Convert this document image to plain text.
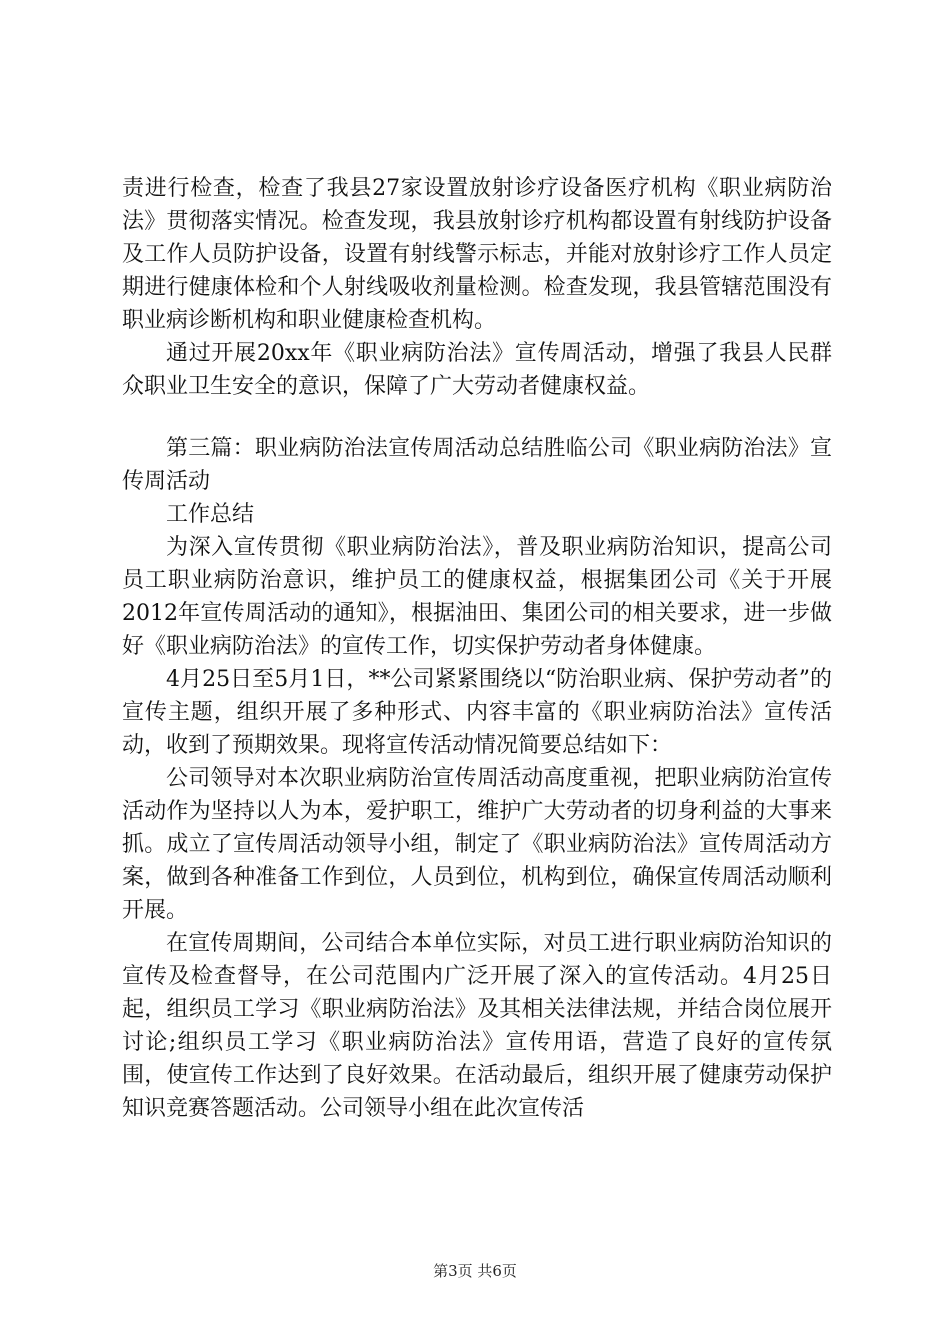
责进行检查，检查了我县27家设置放射诊疗设备医疗机构《职业病防治法》贯彻落实情况。检查发现，我县放射诊疗机构都设置有射线防护设备及工作人员防护设备，设置有射线警示标志，并能对放射诊疗工作人员定期进行健康体检和个人射线吸收剂量检测。检查发现，我县管辖范围没有职业病诊断机构和职业健康检查机构。

通过开展20xx年《职业病防治法》宣传周活动，增强了我县人民群众职业卫生安全的意识，保障了广大劳动者健康权益。

第三篇：职业病防治法宣传周活动总结胜临公司《职业病防治法》宣传周活动

工作总结

为深入宣传贯彻《职业病防治法》，普及职业病防治知识，提高公司员工职业病防治意识，维护员工的健康权益，根据集团公司《关于开展2012年宣传周活动的通知》，根据油田、集团公司的相关要求，进一步做好《职业病防治法》的宣传工作，切实保护劳动者身体健康。

4月25日至5月1日，**公司紧紧围绕以“防治职业病、保护劳动者”的宣传主题，组织开展了多种形式、内容丰富的《职业病防治法》宣传活动，收到了预期效果。现将宣传活动情况简要总结如下：

公司领导对本次职业病防治宣传周活动高度重视，把职业病防治宣传活动作为坚持以人为本，爱护职工，维护广大劳动者的切身利益的大事来抓。成立了宣传周活动领导小组，制定了《职业病防治法》宣传周活动方案，做到各种准备工作到位，人员到位，机构到位，确保宣传周活动顺利开展。

在宣传周期间，公司结合本单位实际，对员工进行职业病防治知识的宣传及检查督导，在公司范围内广泛开展了深入的宣传活动。4月25日起，组织员工学习《职业病防治法》及其相关法律法规，并结合岗位展开讨论;组织员工学习《职业病防治法》宣传用语，营造了良好的宣传氛围，使宣传工作达到了良好效果。在活动最后，组织开展了健康劳动保护知识竞赛答题活动。公司领导小组在此次宣传活

第3页 共6页
